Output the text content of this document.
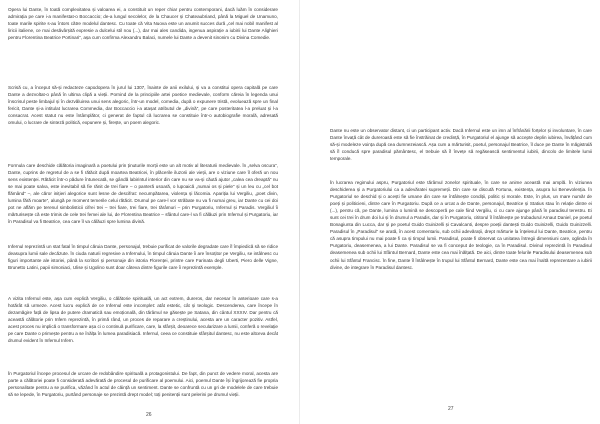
Opera lui Dante, în toată complexitatea și valoarea ei, a constituit un reper chiar pentru contemporani, dacă luăm în considerare admirația pe care i-a manifestat-o Boccaccio; de-a lungul secolelor, de la Chaucer și Chateaubriand, până la Miguel de Unamuno, toate marile spirite s-au întors către modelul dantesc. Cu toate că Vita Nuova este un anumit succes dură „cel mai nobil manifest al liricii italiene, ce mai desăvârșită expresie a dulcelui stil nou (...), dar mai ales candida, ingenua aspirație a iubirii lui Dante Alighieri pentru Florentina Beatrice Portinari”, așa cum confirma Alexandru Balaci, numele lui Dante a devenit sinonim cu Divina Comedie.

Scrisă cu, a început să-și redacteze capodopera în jurul lui 1307, înainte de anii exilului, și va a constitui opera capitală pe care Dante a dezvoltat-o până în ultima clipă a vieții. Pornind de la principiile artei poetice medievale, conform căreia în legenda unui înscrisul peste limbajul și în dezvăluirea unui sens alegoric, într-un model, comedia, după o expunere tristă, evoluează spre un final fericit, Dante și-a intitulat lucrarea Commedia, dar Boccaccio i-a atașat atributul de „divină”, pe care posteritatea l-a preluat și l-a consacrat. Acest statut nu este întâmplător, ci generat de faptul că lucrarea se constituie într-o autobiografie morală, adresată omului, o lucrare de sinteză politică, expunere și, firește, un poem alegoric.

Formula care deschide călătoria imaginară a poetului prin ținuturile morții este un alt motiv al literaturii medievale. În „selva oscura”, Dante, cuprins de regretul de a se fi rătăcit după moartea Beatricei, în plăcerile iluzorii ale vieții, are o viziune care îl oferă un nou sens existenței. Rătăcit într-o pădure întunecată, se gândă labirintul interior din care nu se va-și căută ajutor „calea cea dreaptă” nu se mai poate salva, este inevitabil să fie rănit de trei fiare – o panteră usoară, o lupoaică „numai os și piele” și un leu cu „cel bot flămând” –, ale căror inițieri alegorice sunt lesne de descifrat: necumpătarea, violența și lăcomia. Apariția lui Vergiliu, „poet divin, lumina fără moarte”, alungă pe moment temerile celui rătăcit. Drumul pe care-l vor străbate nu va fi numai greu, iar Dante cu cei doi pot ne aflăm pe terenul simbolisticii cifrei trei – trei fiare, trei fiare, trei tărâmuri – prin Purgatoriu, Infernul și Paradis. Vergiliul îi mărturisește că este trimis de cele trei femei ale lui, de Florentina Beatrice – sfântul care-l va fi călăuzi prin Infernul și Purgatoriu, iar în Paradisul va fi Beatrice, cea care îl va călăuzi spre lumina divină.

Infernul reprezintă un stat fatal în timpul căruia Dante, personajul, trebuie purificat de valorile degradate care îl împiedică să se ridice deasupra lumii sale decăzute. În ciuda naturii regresive a Infernului, în timpul căruia Dante îi are însoțitor pe Vergiliu, se intâlnesc cu figuri importante ale istoriei, până la scriitori și personaje din istoria Florenței, printre care Farinata degli Uberti, Piero delle Vigne, Brunetto Latini, papii simoniaci, Ulise și Ugolino sunt doar câteva dintre figurile care îi reprezintă exemple.

A vizita Infernul este, așa cum explică Vergiliu, o călătorie spirituală, un act extrem, dureros, dar necesar în anterioare care s-a hotărât să urmeze. Acest lucru explică de ce Infernul este incomplet: atât estetic, cât și teologic. Descenderea, care începe în dezamăgire față de lipsa de putere dramatică sau emoțională, din tărâmul se găsește pe Satana, din cântul XXXIV. Dar pentru că această călătorie prin Infern reprezintă, în primă rând, un proces de reparare a creștinului, acesta are un caracter pozitiv. Astfel, acest proces nu implică o transformare așa ci o continuă purificare, care, la sfârșit, deoarece secularizare a lumii, conferă o revelație pe care Dante o primește pentru a se înălța în lumea paradisiacă. Infernul, ceea ce constituie sfârșitul dantesc, nu este altceva decât drumul evident în Infernul Infern.

În Purgatoriul începe procesul de urcare de redobândire spirituală a protagonistului. De fapt, din punct de vedere moral, acesta are parte a călătoriei poate fi considerată adevărată de procesul de purificare al poemului. Aici, poemul Dante își îngrijorează fie propria personalitate pentru a se purifica, văzând în actul de căință un sentiment. Dante se confruntă cu un gri de modelele de care trebuie să se lepede, în Purgatoriu, purtând personaje se prezintă drept model; toți penitenții sunt pelerini pe drumul vieții.

26

Dante nu este un observator distant, ci un participant activ. Dacă Infernul este un imn al înfrânării forțelor și involuntare, în care Dante învață cât de dureroasă este să fie înstrăinat de credință, în Purgatoriul el ajunge să accepte deplin iubirea, învățând cum să-și modeleze voința după cea dumnezeiască. Așa cum a mărturisit, poetul, personajul Beatrice, îl duce pe Dante în măgistrală să îl conducă spre paradisul pământesc, el trebuie să îl învețe să regăsească sentimentul iubirii, dincolo de limitele lumii temporale.

În lucrarea regimului aspru, Purgatoriul este tărâmul zonelor spirituale, în care se anime această mai amplă. În viziunea deschiderea și a Purgatoriului ca a adevăratei supremeții. Din care se discută Fortuna, existența, asupra lui Benevolenția. În Purgatoriul se deschid și o acești fie umane din care se întâlnește condiții, politic și morale. Este, în plus, un mare număr de poeți și politicieni, dintre care în Purgatoriu. După ce a urcat a de Dante, personajul, Beatrice și Statius stau în relație dintre ei (...), pentru că, pe Dante, lumina o lumină se descoperă pe cale fiind Vergiliu, ci cu care ajunge până în paradisul terestru. Ei sunt cei trei în drum doi lui și în drumul a Paradis, dar și în Purgatoriu, cititorul îl întâlnește pe trubadurul Arnaut Daniel, pe poetul Bonagiunta din Lucca, dar și pe poetul Guido Guinizelli și Cavalcanti, despre poeții dantești Guido Guinizelli, Guido Guinizzelli. Paradisul în „Paradisul” se arată, în acest comentariu, sub ochii adevărații, drept mărturie la înțelesul lui Dante, Beatrice, pentru că asupra timpului nu mai poate fi ca și timpul lumii. Paradisul, poate fi observat ca unitatea întregii dimensiuni care, oglinda în Purgatoriu, deasemenea, a lui Dante. Paradisul se va fi conceput de teologie, ca în Paradisul. Divinul reprezintă în Paradisul deasemenea sub ochii lui Sfântul Bernard, Dante este cea mai înălțată. De aici, dintre toate felurile Paradisului deasemenea sub ochii lui Sfântul Francisc. În fine, Dante îl întâlnește în trupul lui Sfântul Bernard, Dante este cea mai înaltă reprezentare a iubirii divine, de integrare în Paradisul dantesc.

27
